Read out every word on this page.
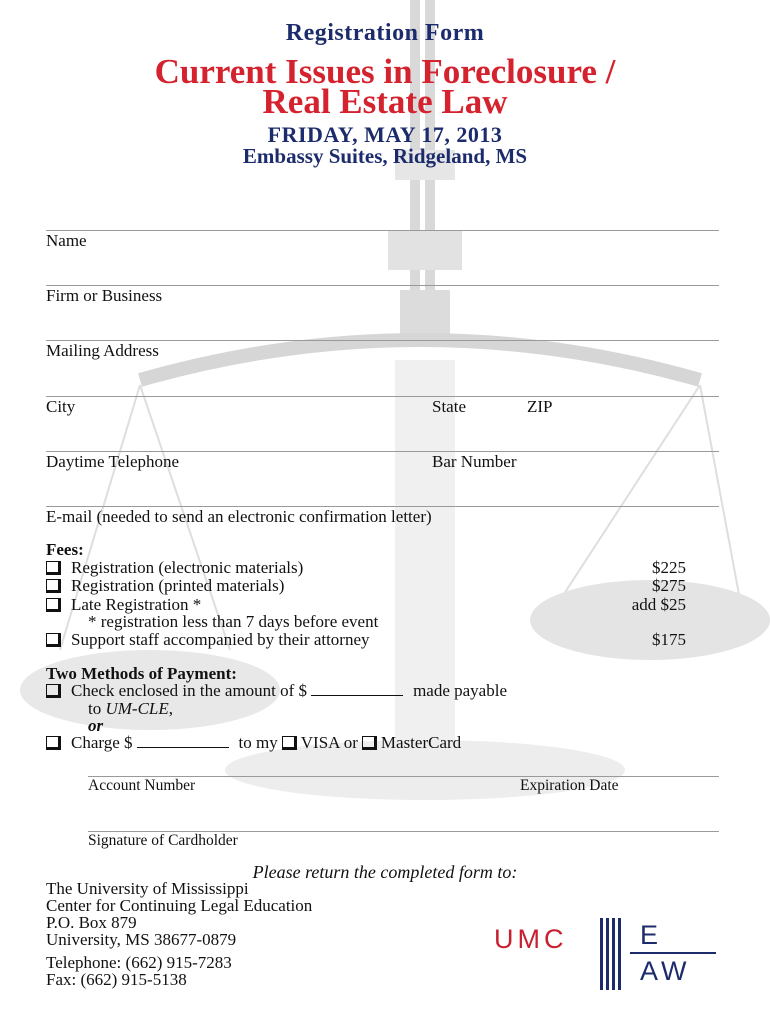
Registration Form
Current Issues in Foreclosure /
Real Estate Law
FRIDAY, MAY 17, 2013
Embassy Suites, Ridgeland, MS
Name
Firm or Business
Mailing Address
City	State	ZIP
Daytime Telephone	Bar Number
E-mail (needed to send an electronic confirmation letter)
Fees:
Registration (electronic materials)	$225
Registration (printed materials)	$275
Late Registration *	add $25
* registration less than 7 days before event
Support staff accompanied by their attorney	$175
Two Methods of Payment:
Check enclosed in the amount of $	made payable
to UM-CLE,
or
Charge $	to my VISA or MasterCard
Account Number	Expiration Date
Signature of Cardholder
Please return the completed form to:
The University of Mississippi
Center for Continuing Legal Education
P.O. Box 879
University, MS 38677-0879
Telephone: (662) 915-7283
Fax: (662) 915-5138
UMC	E
AW
